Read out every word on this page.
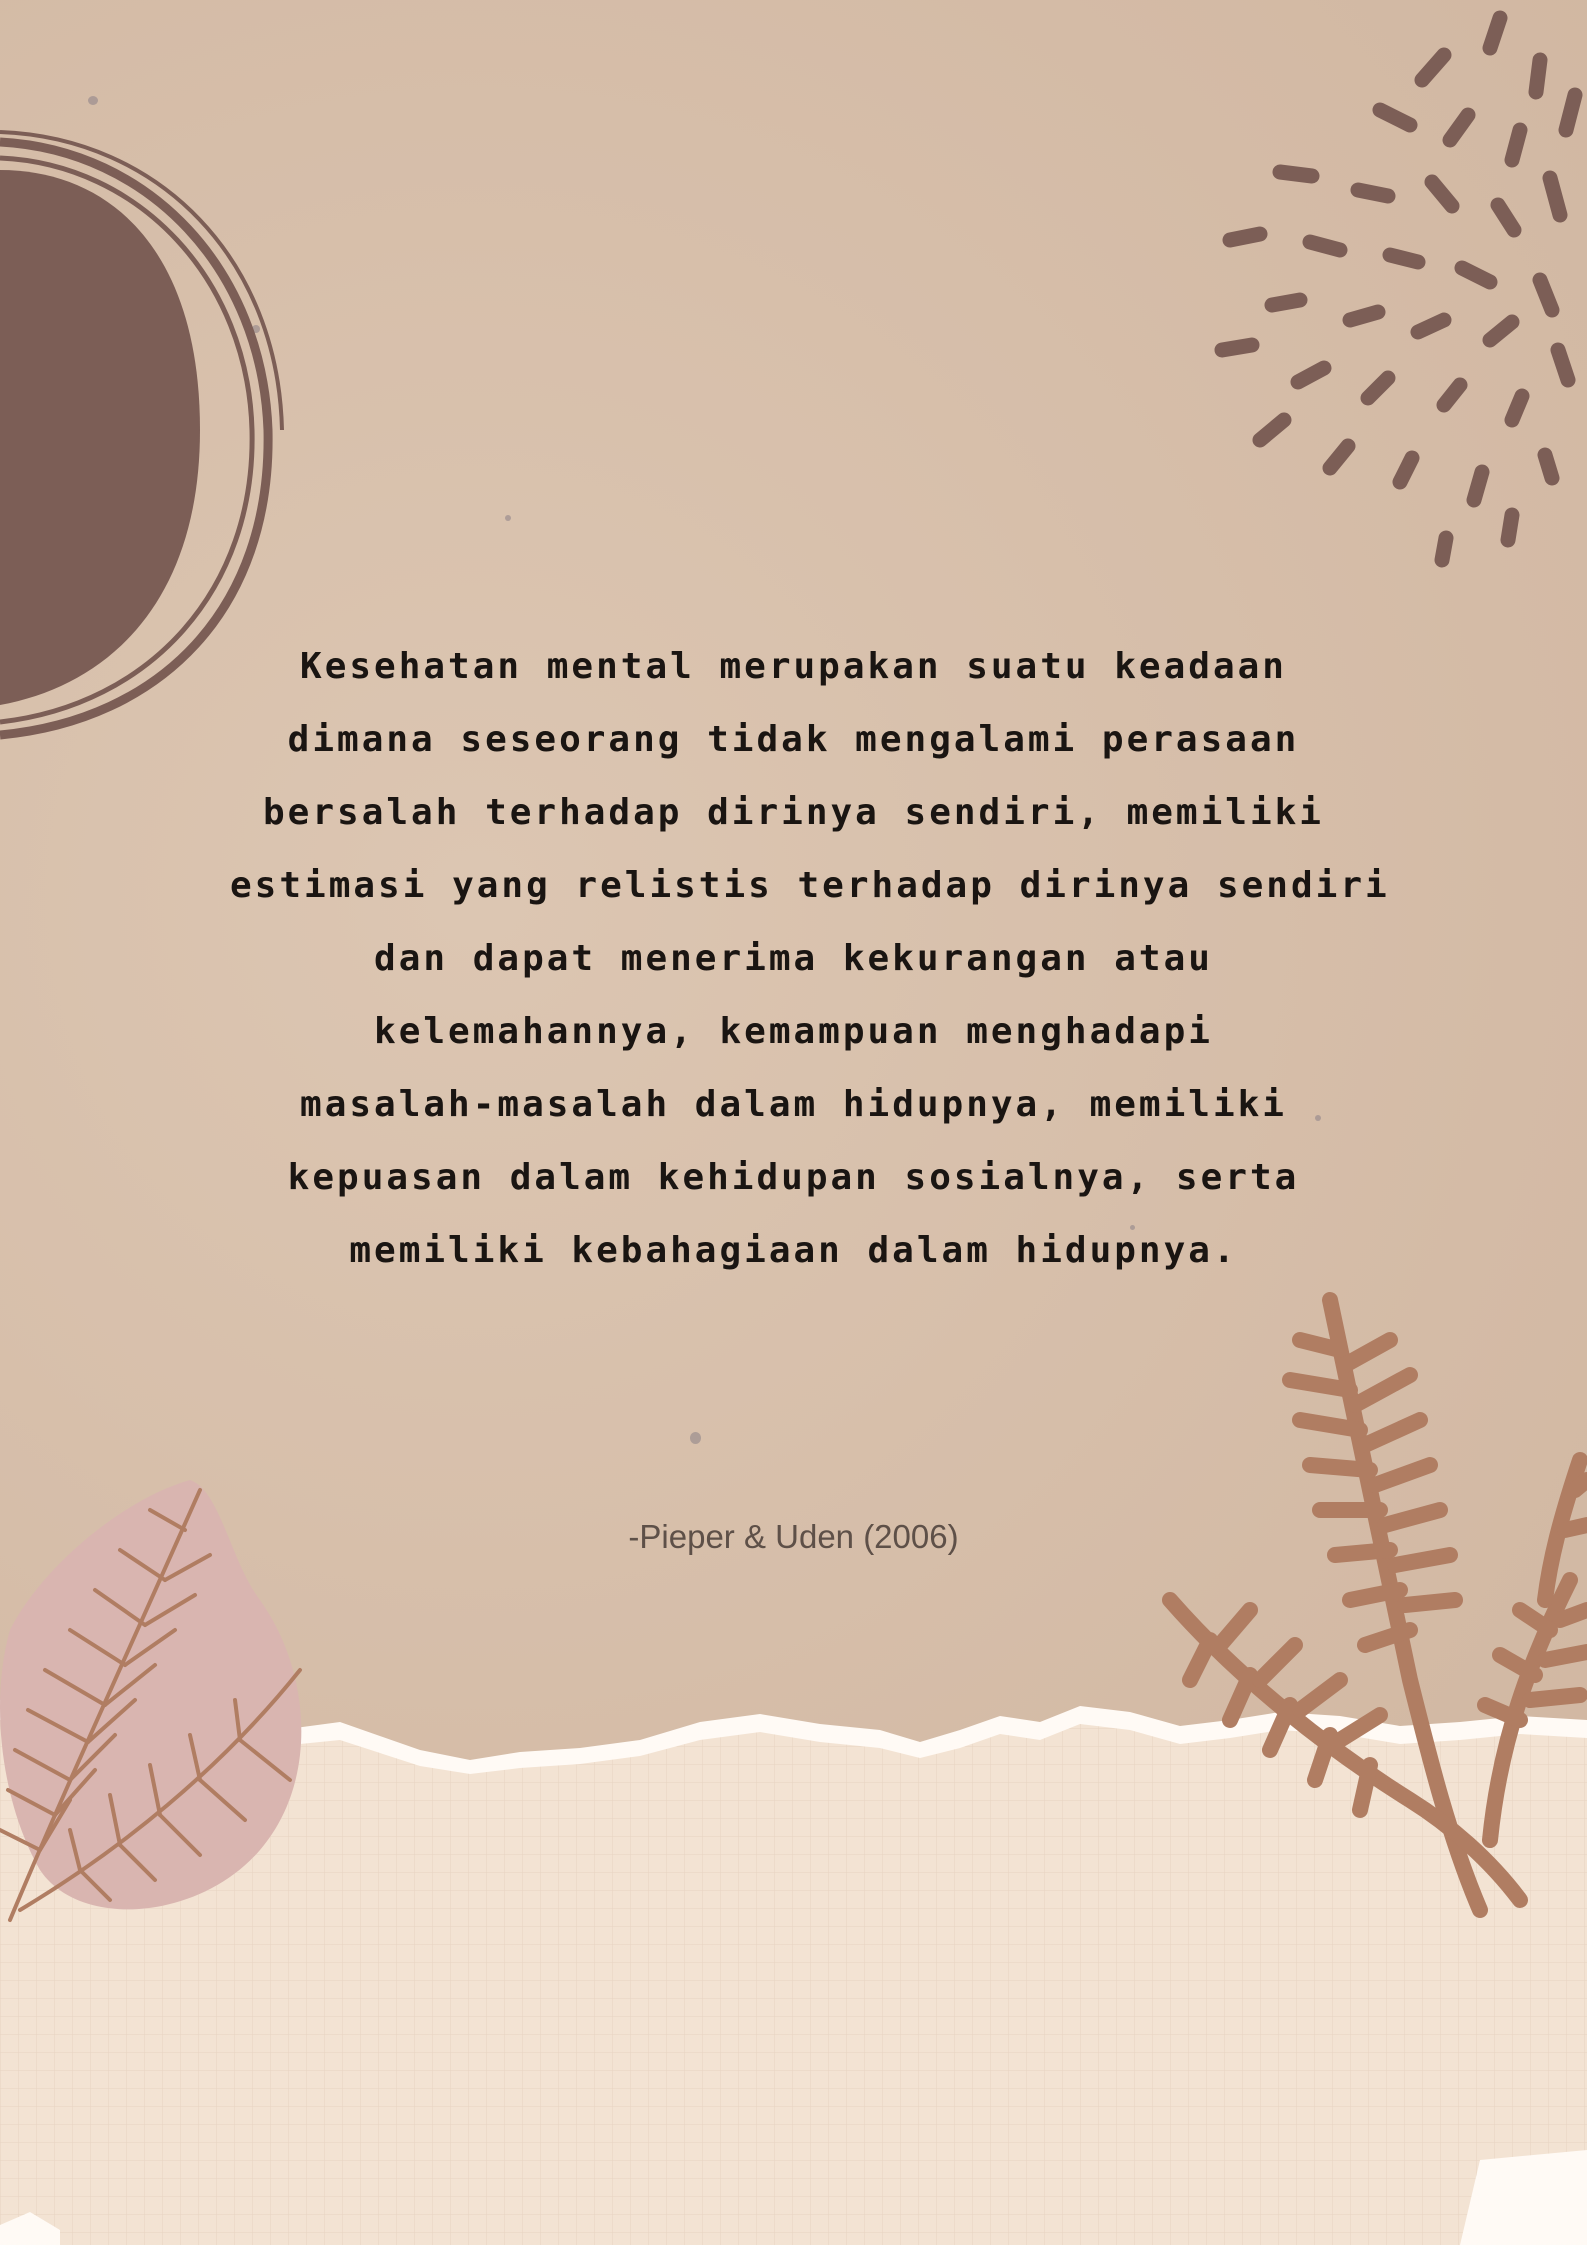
Kesehatan mental merupakan suatu keadaan
dimana seseorang tidak mengalami perasaan
bersalah terhadap dirinya sendiri, memiliki
estimasi yang relistis terhadap dirinya sendiri
dan dapat menerima kekurangan atau
kelemahannya, kemampuan menghadapi
masalah-masalah dalam hidupnya, memiliki
kepuasan dalam kehidupan sosialnya, serta
memiliki kebahagiaan dalam hidupnya.

-Pieper & Uden (2006)
